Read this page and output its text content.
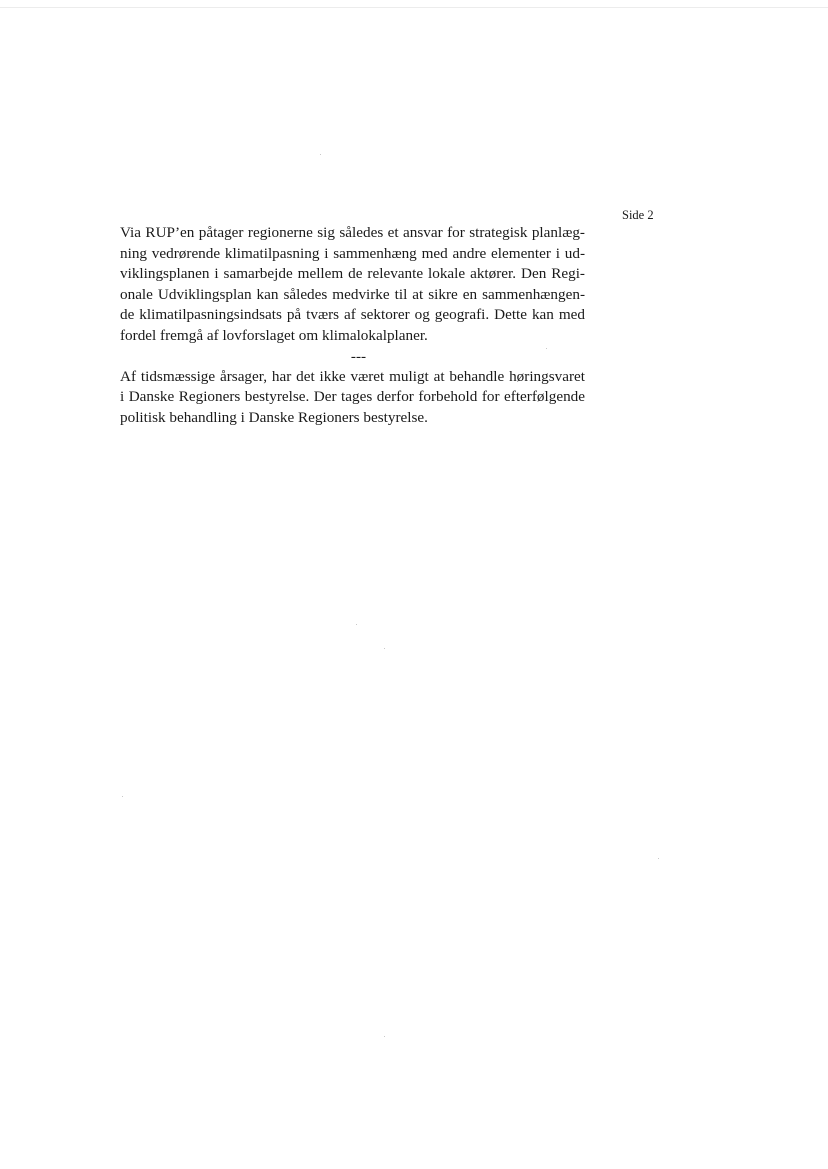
Side 2
Via RUP’en påtager regionerne sig således et ansvar for strategisk planlæg-
ning vedrørende klimatilpasning i sammenhæng med andre elementer i ud-
viklingsplanen i samarbejde mellem de relevante lokale aktører. Den Regi-
onale Udviklingsplan kan således medvirke til at sikre en sammenhængen-
de klimatilpasningsindsats på tværs af sektorer og geografi. Dette kan med
fordel fremgå af lovforslaget om klimalokalplaner.
---
Af tidsmæssige årsager, har det ikke været muligt at behandle høringsvaret
i Danske Regioners bestyrelse. Der tages derfor forbehold for efterfølgende
politisk behandling i Danske Regioners bestyrelse.
